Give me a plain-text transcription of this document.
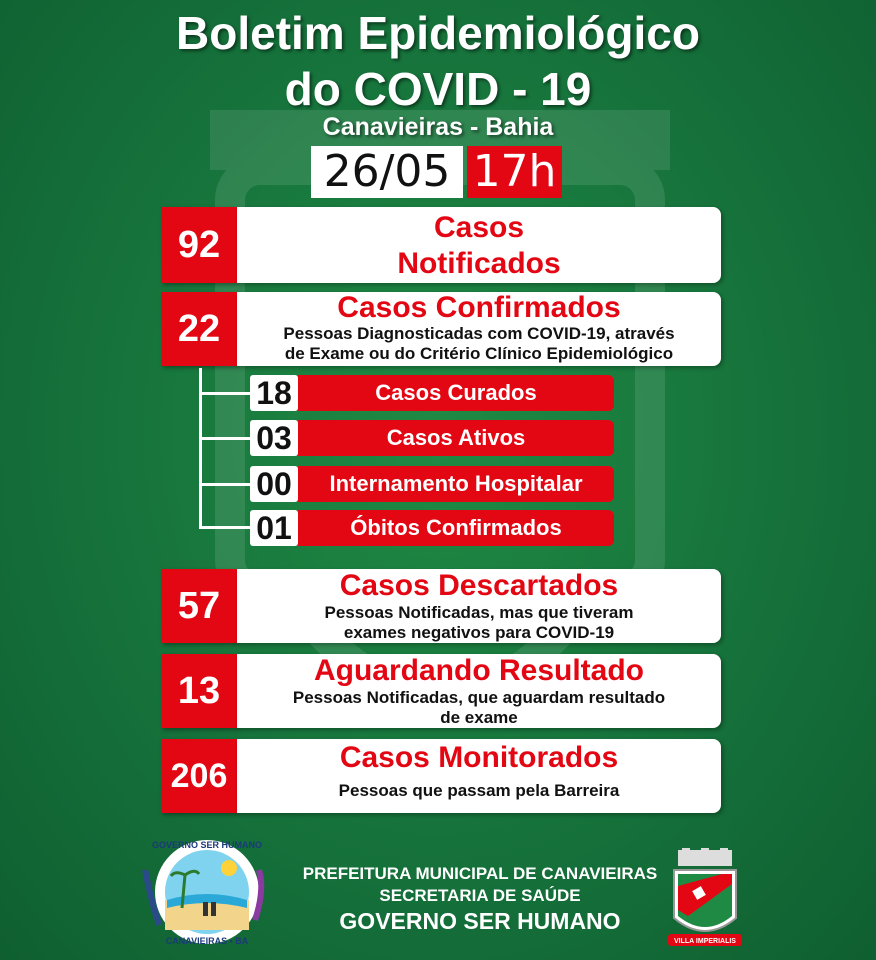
Boletim Epidemiológico
do COVID - 19
Canavieiras - Bahia
26/05 17h
92	Casos
Notificados
22	Casos Confirmados
Pessoas Diagnosticadas com COVID-19, através
de Exame ou do Critério Clínico Epidemiológico
18	Casos Curados
03	Casos Ativos
00	Internamento Hospitalar
01	Óbitos Confirmados
57	Casos Descartados
Pessoas Notificadas, mas que tiveram
exames negativos para COVID-19
13	Aguardando Resultado
Pessoas Notificadas, que aguardam resultado
de exame
206	Casos Monitorados
Pessoas que passam pela Barreira
GOVERNO SER HUMANO
CANAVIEIRAS • BA
PREFEITURA MUNICIPAL DE CANAVIEIRAS
SECRETARIA DE SAÚDE
GOVERNO SER HUMANO
VILLA IMPERIALIS
